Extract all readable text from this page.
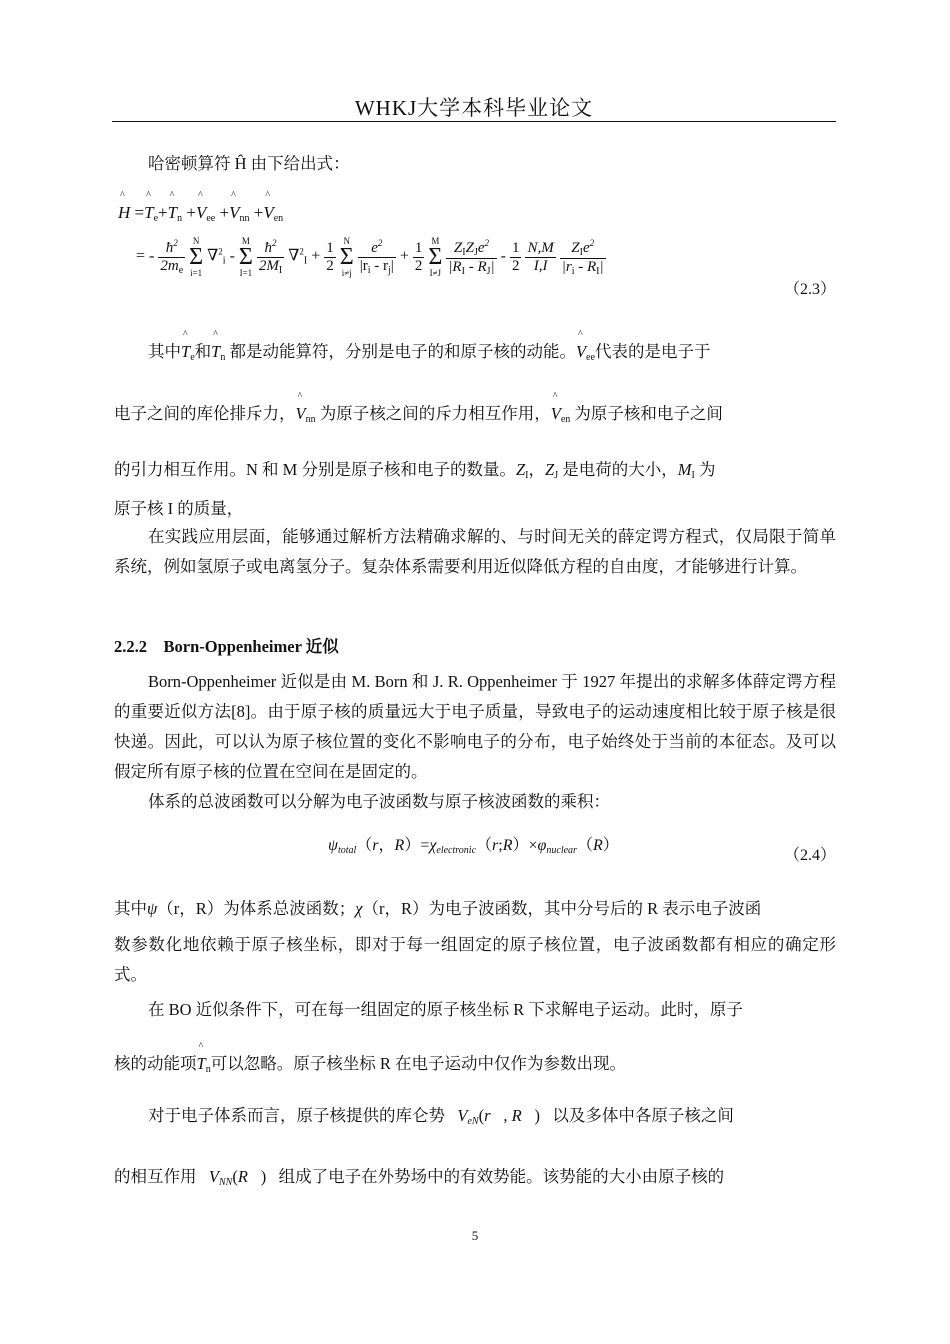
WHKJ大学本科毕业论文
哈密顿算符 Ĥ 由下给出式：
^ H =^ $T_e+\^{}$ $T_n$ +^ $V_{ee}$ +^ $V_{nn}$ +^ $V_{en}$
= - $\frac{ħ^2}{2m_e}$ N
Σ
i=1 ∇$^2_i$ - M
Σ
$I=1 \frac{ħ^2}{2M_I} \nabla^2_I + \frac{1}{2}$ N
Σ
$i\ne j \frac{e^2}{|r_i - r_j|} + \frac{1}{2}$ M
Σ
$I\ne J \frac{Z_IZ_Je^2}{|R_I - R_J|} - \frac{1}{2}$
$\frac{N,M}{I,I}$
$\frac{Z_Ie^2}{|r_i - R_I|}$
（2.3）
其中^ $T_e$和^ $T_n$ 都是动能算符，分别是电子的和原子核的动能。^ $V_{ee}$代表的是电子于
电子之间的库伦排斥力，^ $V_{nn}$ 为原子核之间的斥力相互作用，^ $V_{en}$ 为原子核和电子之间
的引力相互作用。N 和 M 分别是原子核和电子的数量。$Z_I$，$Z_J$ 是电荷的大小，$M_I$ 为
原子核 I 的质量，

在实践应用层面，能够通过解析方法精确求解的、与时间无关的薛定谔方程式，仅局限于简单系统，例如氢原子或电离氢分子。复杂体系需要利用近似降低方程的自由度，才能够进行计算。

2.2.2 Born-Oppenheimer 近似

Born-Oppenheimer 近似是由 M. Born 和 J. R. Oppenheimer 于 1927 年提出的求解多体薛定谔方程的重要近似方法[8]。由于原子核的质量远大于电子质量，导致电子的运动速度相比较于原子核是很快递。因此，可以认为原子核位置的变化不影响电子的分布，电子始终处于当前的本征态。及可以假定所有原子核的位置在空间在是固定的。

体系的总波函数可以分解为电子波函数与原子核波函数的乘积：

$\psi_{total}(r$，$R)=\chi_{electronic}(r;R)\times\varphi_{nuclear}(R)$
（2.4）
其中ψ（r，R）为体系总波函数；χ（r，R）为电子波函数，其中分号后的 R 表示电子波函

数参数化地依赖于原子核坐标，即对于每一组固定的原子核位置，电子波函数都有相应的确定形式。

在 BO 近似条件下，可在每一组固定的原子核坐标 R 下求解电子运动。此时，原子
核的动能项^ $T_n$可以忽略。原子核坐标 R 在电子运动中仅作为参数出现。
对于电子体系而言，原子核提供的库仑势 $V_{eN}(r⃗$, R⃗)   以及多体中各原子核之间
的相互作用 $V_{NN}(R⃗)$   组成了电子在外势场中的有效势能。该势能的大小由原子核的
5
